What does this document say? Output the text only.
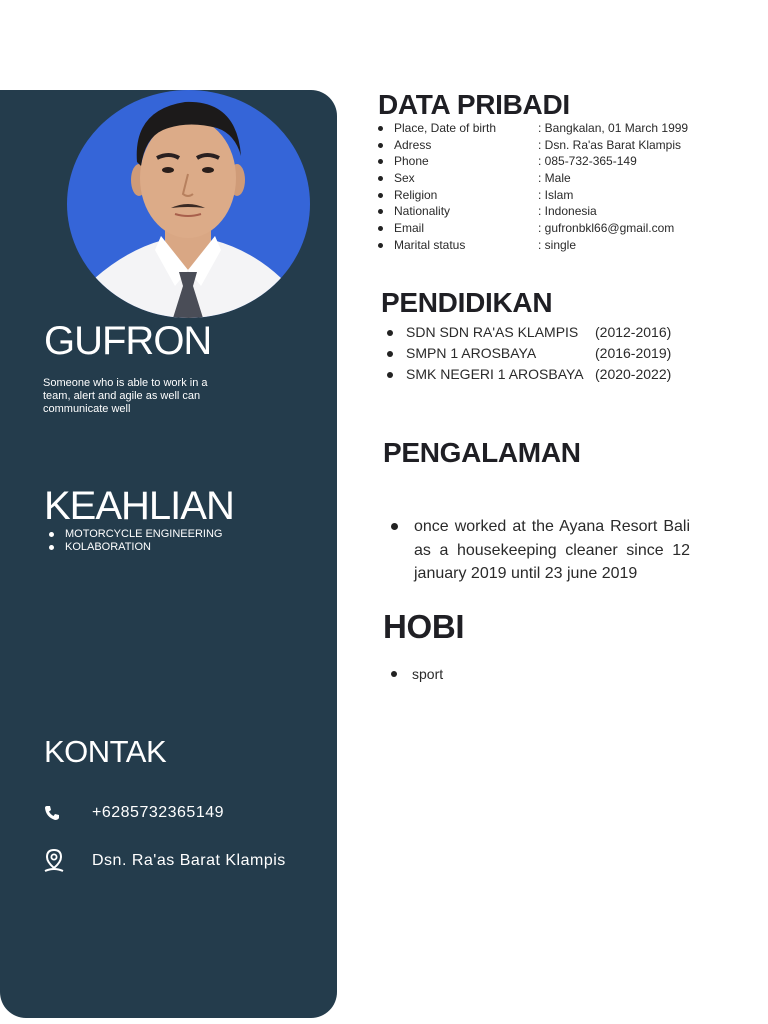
GUFRON
Someone who is able to work in a team, alert and agile as well can communicate well
KEAHLIAN
MOTORCYCLE ENGINEERING
KOLABORATION
KONTAK
+6285732365149
Dsn. Ra'as Barat Klampis
DATA PRIBADI
Place, Date of birth	: Bangkalan, 01 March 1999
Adress	: Dsn. Ra'as Barat Klampis
Phone	: 085-732-365-149
Sex	: Male
Religion	: Islam
Nationality	: Indonesia
Email	: gufronbkl66@gmail.com
Marital status	: single
PENDIDIKAN
SDN SDN RA'AS KLAMPIS	(2012-2016)
SMPN 1 AROSBAYA	(2016-2019)
SMK NEGERI 1 AROSBAYA (2020-2022)
PENGALAMAN
once worked at the Ayana Resort Bali as a housekeeping cleaner since 12 january 2019 until 23 june 2019
HOBI
sport
